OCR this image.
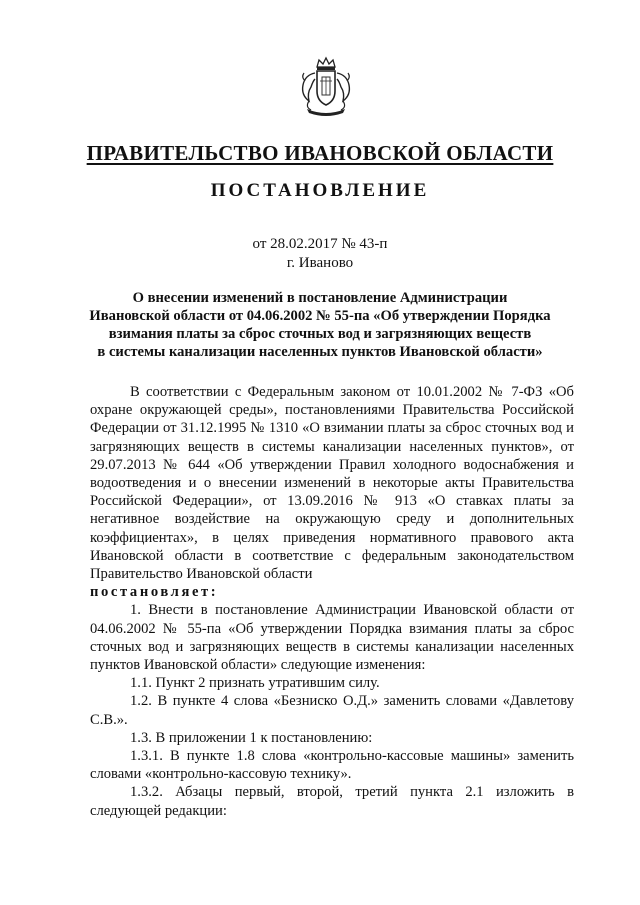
ПРАВИТЕЛЬСТВО ИВАНОВСКОЙ ОБЛАСТИ
ПОСТАНОВЛЕНИЕ
от 28.02.2017 № 43-п
г. Иваново
О внесении изменений в постановление Администрации
Ивановской области от 04.06.2002 № 55-па «Об утверждении Порядка
взимания платы за сброс сточных вод и загрязняющих веществ
в системы канализации населенных пунктов Ивановской области»

В соответствии с Федеральным законом от 10.01.2002 № 7-ФЗ «Об охране окружающей среды», постановлениями Правительства Российской Федерации от 31.12.1995 № 1310 «О взимании платы за сброс сточных вод и загрязняющих веществ в системы канализации населенных пунктов», от 29.07.2013 № 644 «Об утверждении Правил холодного водоснабжения и водоотведения и о внесении изменений в некоторые акты Правительства Российской Федерации», от 13.09.2016 № 913 «О ставках платы за негативное воздействие на окружающую среду и дополнительных коэффициентах», в целях приведения нормативного правового акта Ивановской области в соответствие с федеральным законодательством Правительство Ивановской области

постановляет:

1. Внести в постановление Администрации Ивановской области от 04.06.2002 № 55-па «Об утверждении Порядка взимания платы за сброс сточных вод и загрязняющих веществ в системы канализации населенных пунктов Ивановской области» следующие изменения:

1.1. Пункт 2 признать утратившим силу.

1.2. В пункте 4 слова «Безниско О.Д.» заменить словами «Давлетову С.В.».

1.3. В приложении 1 к постановлению:

1.3.1. В пункте 1.8 слова «контрольно-кассовые машины» заменить словами «контрольно-кассовую технику».

1.3.2. Абзацы первый, второй, третий пункта 2.1 изложить в следующей редакции:
